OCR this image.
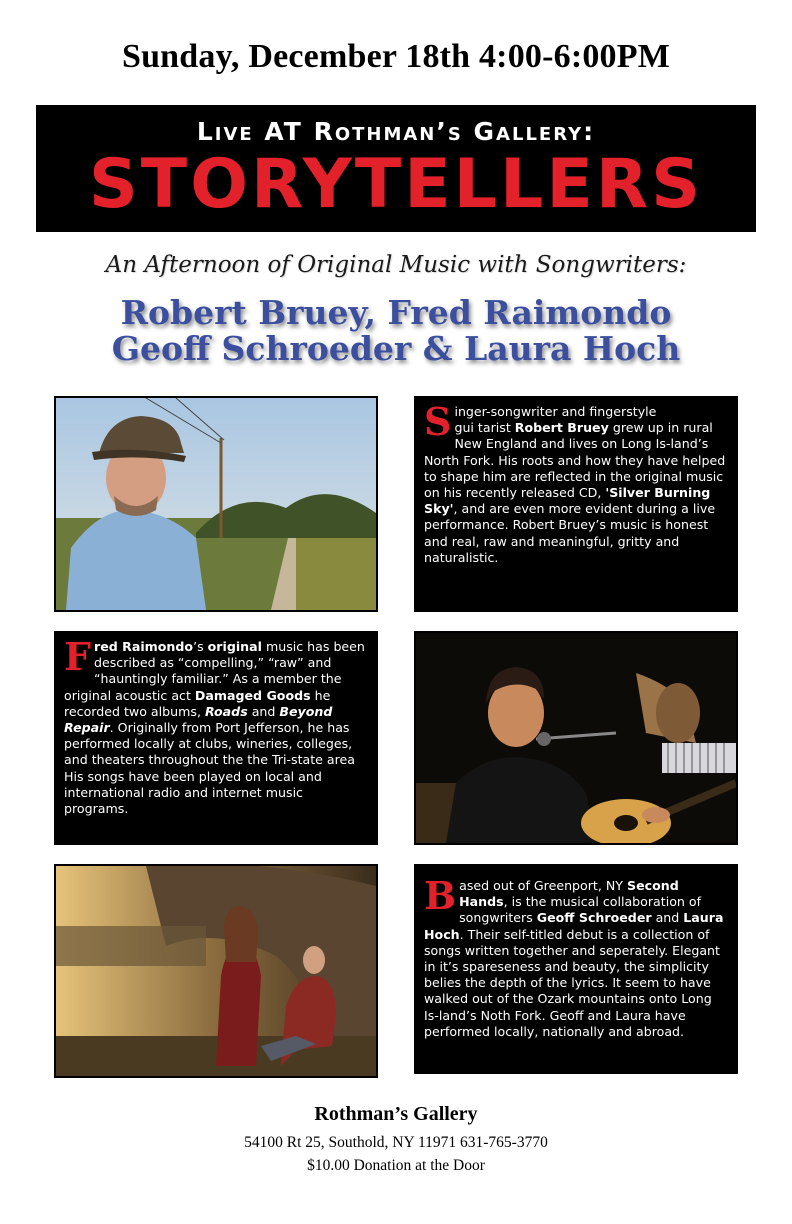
Sunday, December 18th 4:00-6:00PM
Live AT Rothman’s Gallery:
STORYTELLERS
An Afternoon of Original Music with Songwriters:
Robert Bruey, Fred Raimondo
Geoff Schroeder & Laura Hoch
Singer-songwriter and fingerstyle
gui tarist Robert Bruey grew up in rural New England and lives on Long Is-land’s North Fork. His roots and how they have helped to shape him are reflected in the original music on his recently released CD, 'Silver Burning Sky', and are even more evident during a live performance. Robert Bruey’s music is honest and real, raw and meaningful, gritty and naturalistic.
Fred Raimondo’s original music has been described as “compelling,” “raw” and “hauntingly familiar.” As a member the original acoustic act Damaged Goods he recorded two albums, Roads and Beyond Repair. Originally from Port Jefferson, he has performed locally at clubs, wineries, colleges, and theaters throughout the the Tri-state area His songs have been played on local and international radio and internet music programs.
Based out of Greenport, NY Second Hands, is the musical collaboration of songwriters Geoff Schroeder and Laura Hoch. Their self-titled debut is a collection of songs written together and seperately. Elegant in it’s spareseness and beauty, the simplicity belies the depth of the lyrics. It seem to have walked out of the Ozark mountains onto Long Is-land’s Noth Fork. Geoff and Laura have performed locally, nationally and abroad.
Rothman’s Gallery
54100 Rt 25, Southold, NY 11971 631-765-3770
$10.00 Donation at the Door
